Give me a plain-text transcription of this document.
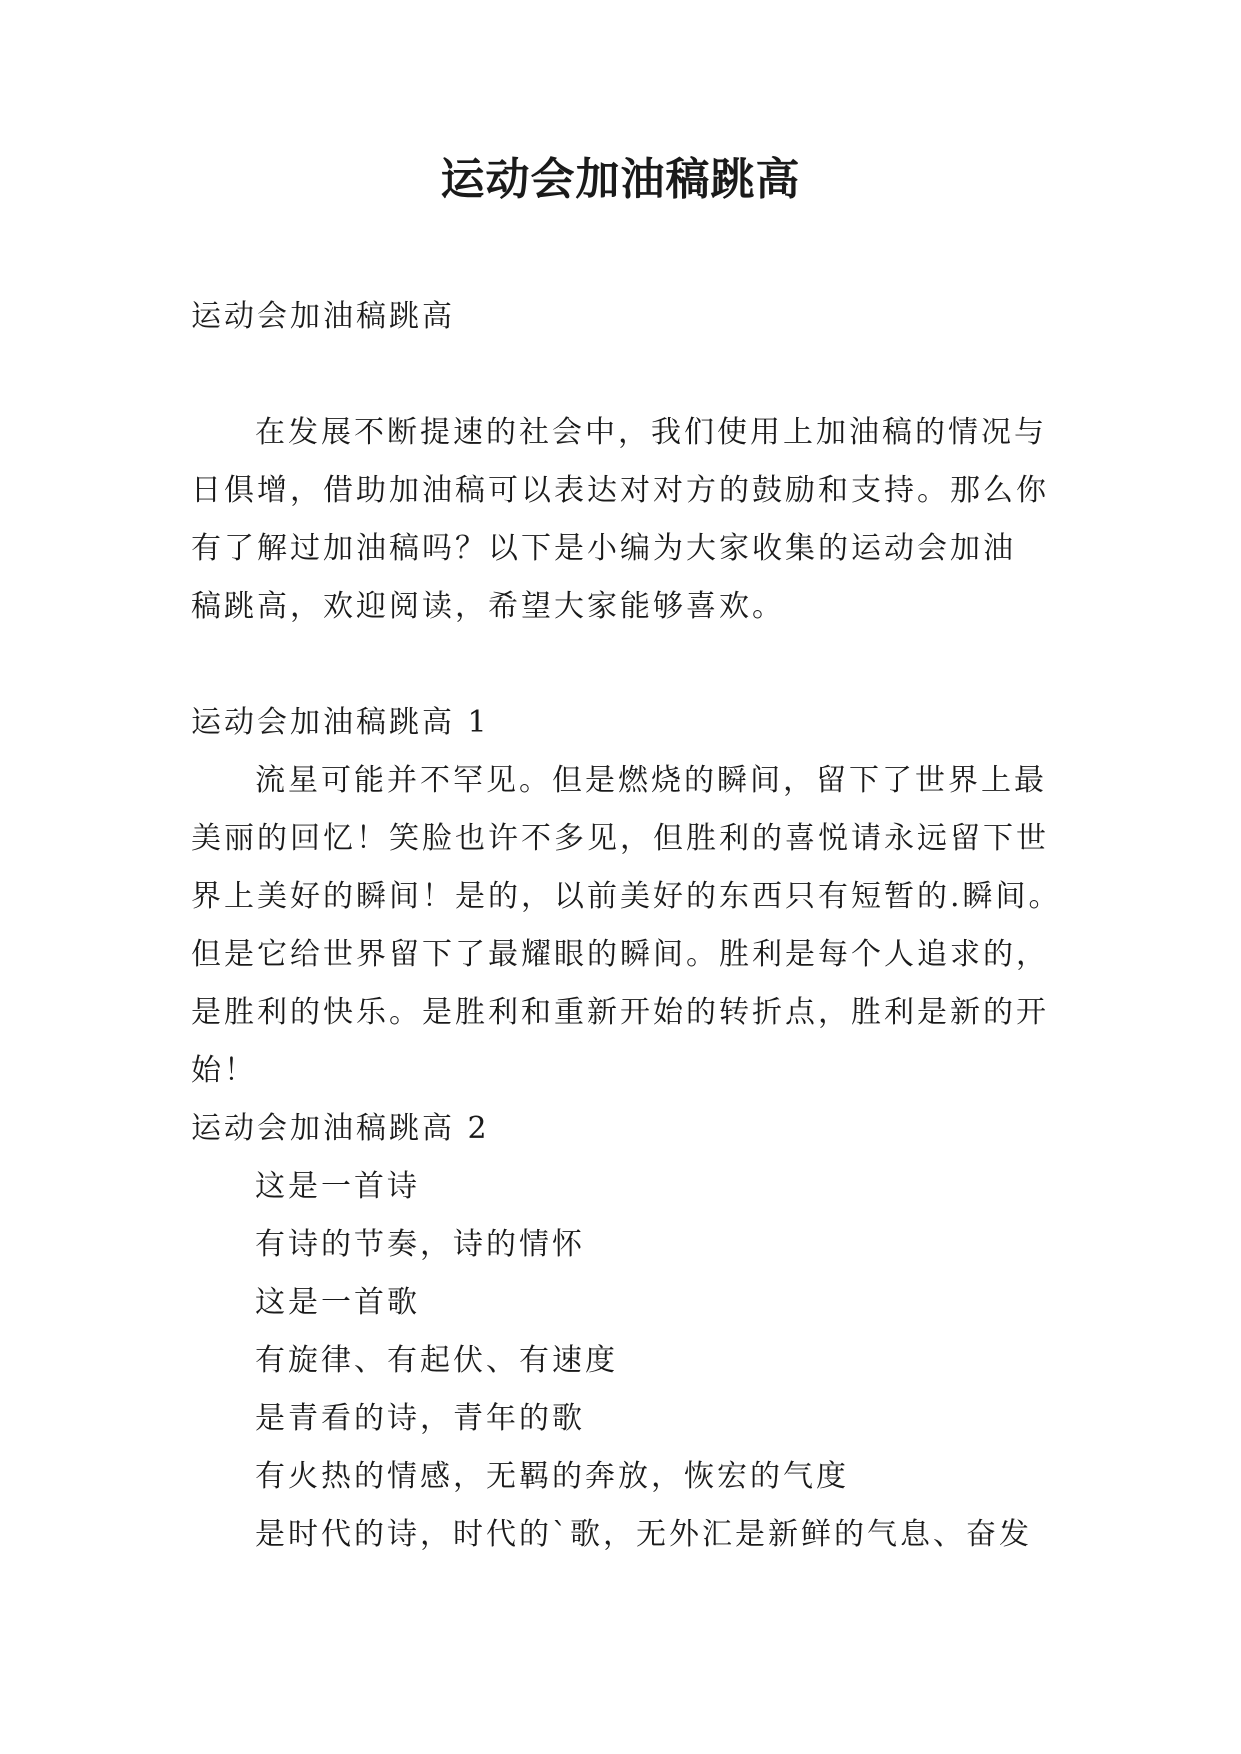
运动会加油稿跳高

运动会加油稿跳高

在发展不断提速的社会中，我们使用上加油稿的情况与

日俱增，借助加油稿可以表达对对方的鼓励和支持。那么你

有了解过加油稿吗？以下是小编为大家收集的运动会加油

稿跳高，欢迎阅读，希望大家能够喜欢。

运动会加油稿跳高 1

流星可能并不罕见。但是燃烧的瞬间，留下了世界上最

美丽的回忆！笑脸也许不多见，但胜利的喜悦请永远留下世

界上美好的瞬间！是的，以前美好的东西只有短暂的.瞬间。

但是它给世界留下了最耀眼的瞬间。胜利是每个人追求的，

是胜利的快乐。是胜利和重新开始的转折点，胜利是新的开

始！

运动会加油稿跳高 2

这是一首诗

有诗的节奏，诗的情怀

这是一首歌

有旋律、有起伏、有速度

是青看的诗，青年的歌

有火热的情感，无羁的奔放，恢宏的气度

是时代的诗，时代的`歌，无外汇是新鲜的气息、奋发
